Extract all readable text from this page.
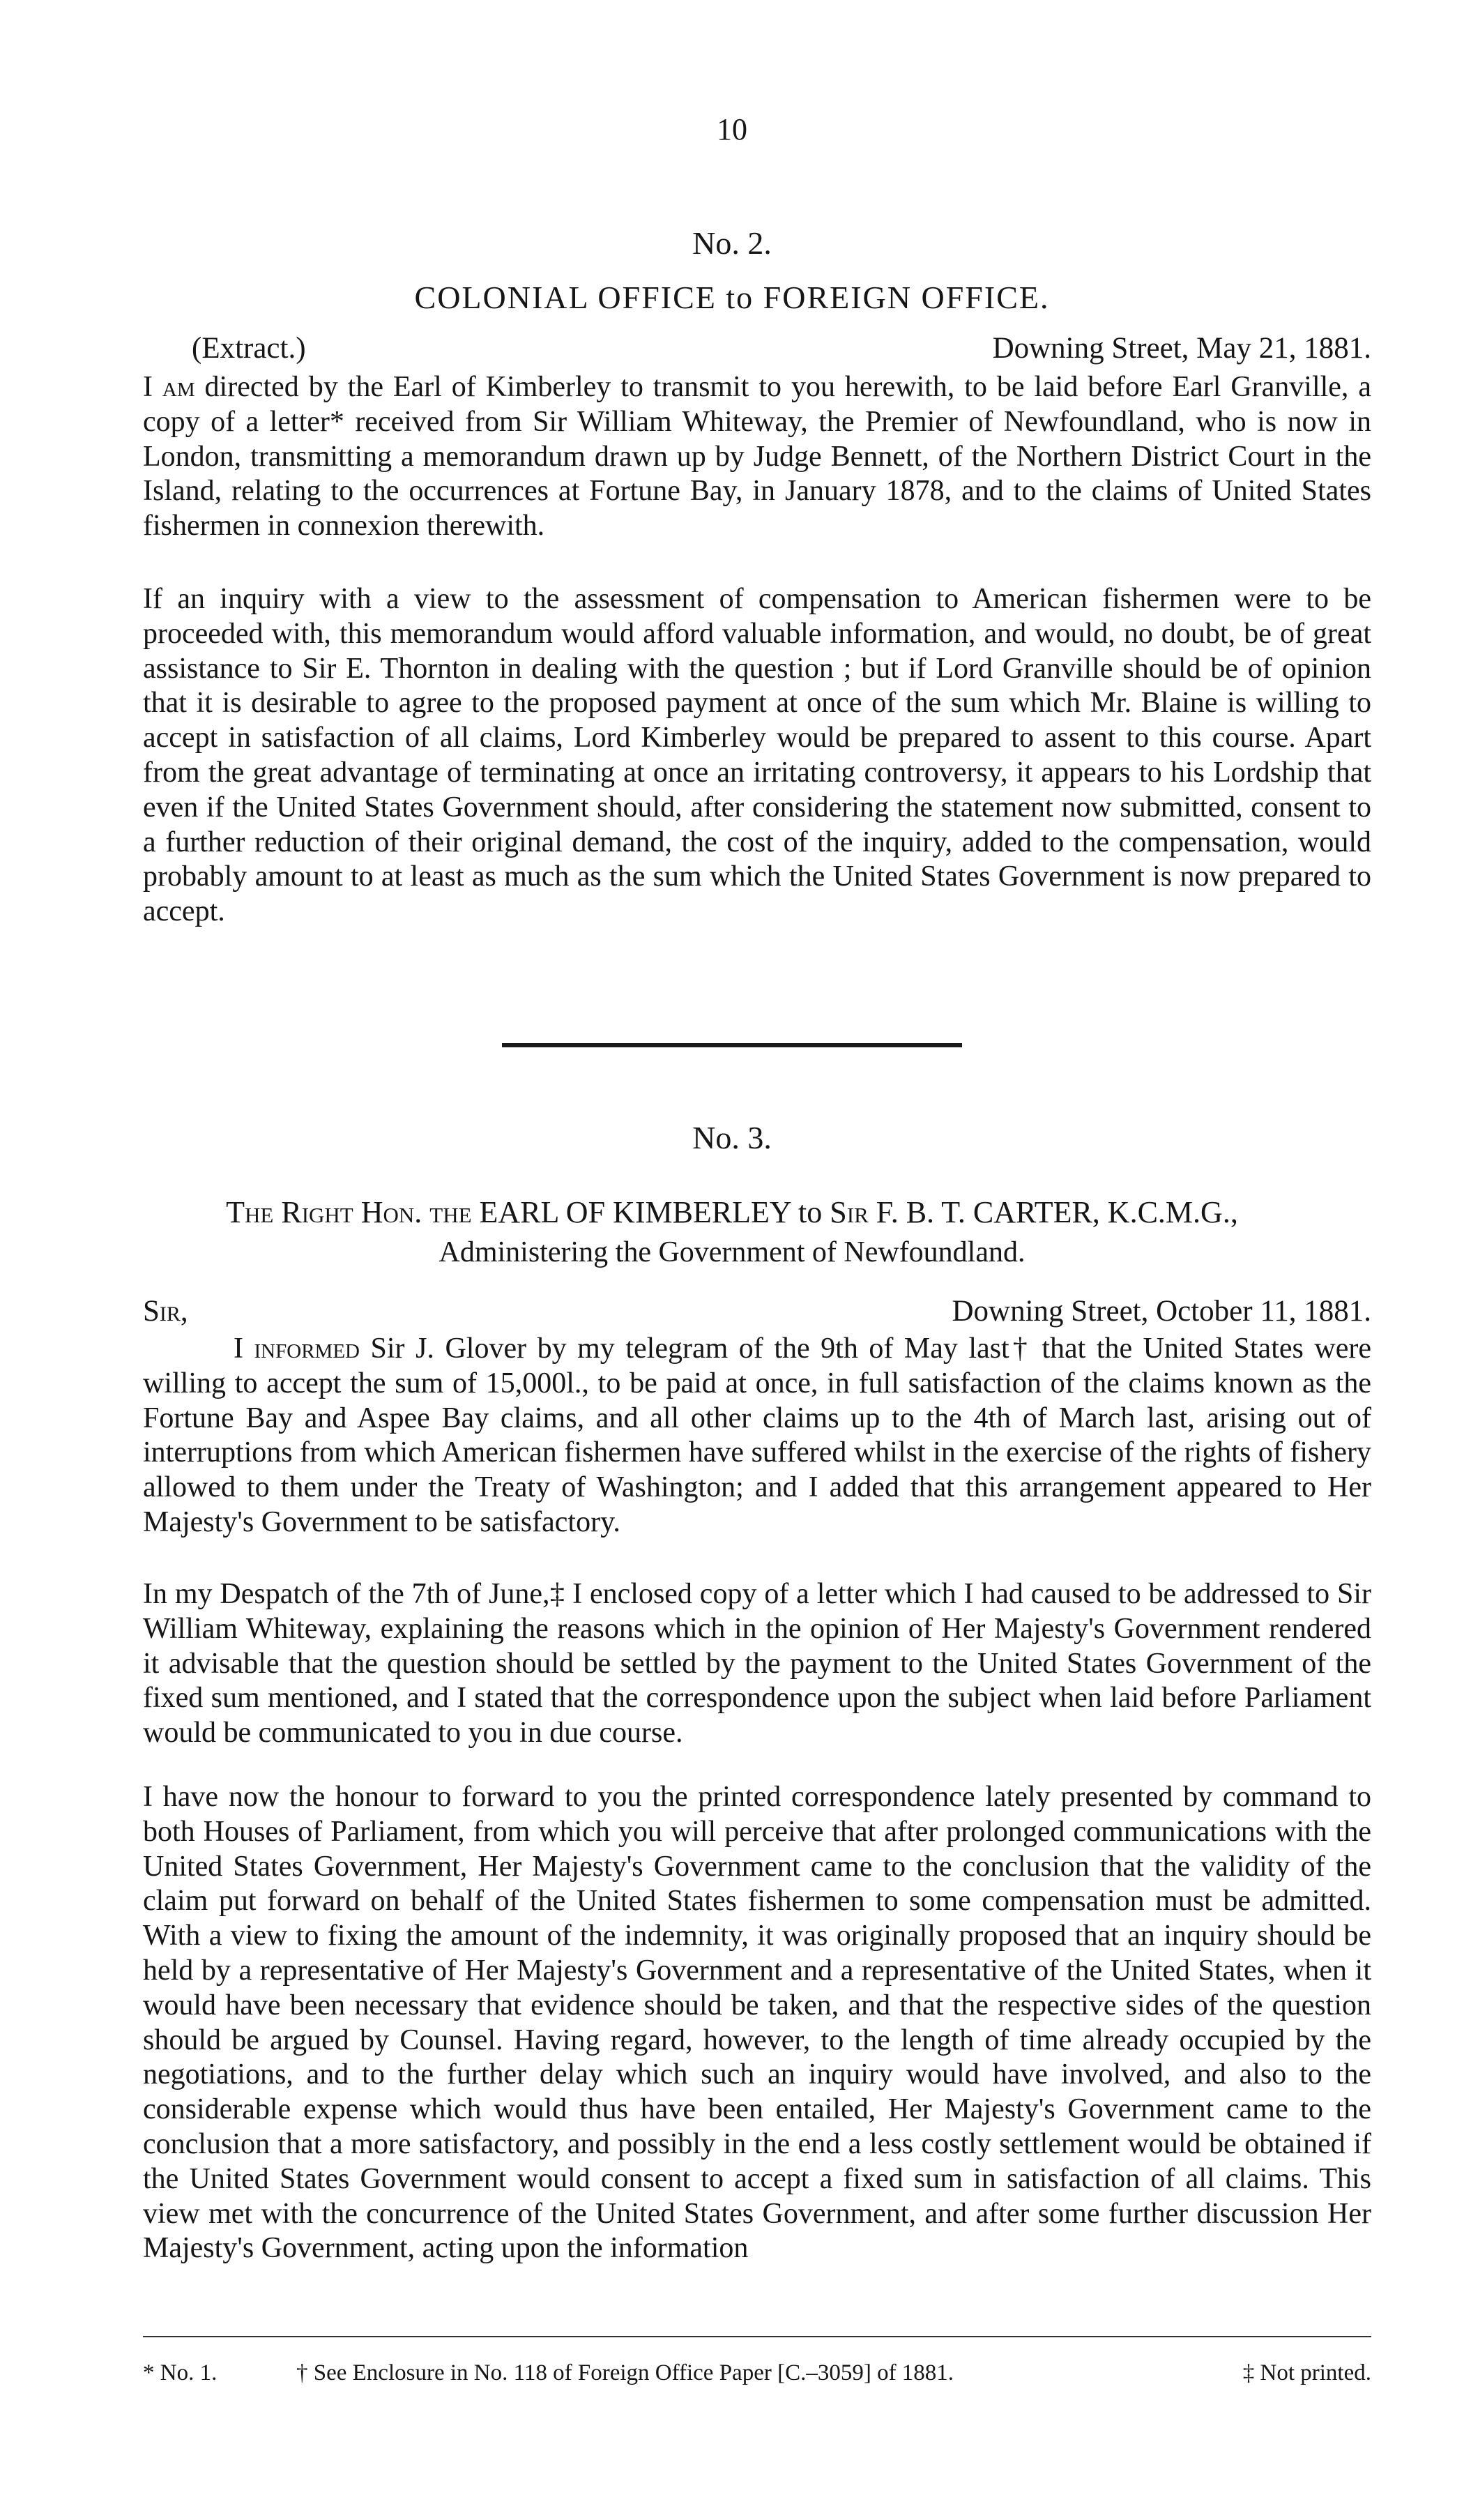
10
No. 2.
COLONIAL OFFICE to FOREIGN OFFICE.
(Extract.)	Downing Street, May 21, 1881.

I am directed by the Earl of Kimberley to transmit to you herewith, to be laid before Earl Granville, a copy of a letter* received from Sir William Whiteway, the Premier of Newfoundland, who is now in London, transmitting a memorandum drawn up by Judge Bennett, of the Northern District Court in the Island, relating to the occurrences at Fortune Bay, in January 1878, and to the claims of United States fishermen in connexion therewith.

If an inquiry with a view to the assessment of compensation to American fishermen were to be proceeded with, this memorandum would afford valuable information, and would, no doubt, be of great assistance to Sir E. Thornton in dealing with the question ; but if Lord Granville should be of opinion that it is desirable to agree to the proposed payment at once of the sum which Mr. Blaine is willing to accept in satisfaction of all claims, Lord Kimberley would be prepared to assent to this course. Apart from the great advantage of terminating at once an irritating controversy, it appears to his Lordship that even if the United States Government should, after considering the statement now submitted, consent to a further reduction of their original demand, the cost of the inquiry, added to the compensation, would probably amount to at least as much as the sum which the United States Government is now prepared to accept.

No. 3.
The Right Hon. the EARL OF KIMBERLEY to Sir F. B. T. CARTER, K.C.M.G.,
Administering the Government of Newfoundland.
Sir,	Downing Street, October 11, 1881.

I informed Sir J. Glover by my telegram of the 9th of May last† that the United States were willing to accept the sum of 15,000l., to be paid at once, in full satisfaction of the claims known as the Fortune Bay and Aspee Bay claims, and all other claims up to the 4th of March last, arising out of interruptions from which American fishermen have suffered whilst in the exercise of the rights of fishery allowed to them under the Treaty of Washington; and I added that this arrangement appeared to Her Majesty's Government to be satisfactory.

In my Despatch of the 7th of June,‡ I enclosed copy of a letter which I had caused to be addressed to Sir William Whiteway, explaining the reasons which in the opinion of Her Majesty's Government rendered it advisable that the question should be settled by the payment to the United States Government of the fixed sum mentioned, and I stated that the correspondence upon the subject when laid before Parliament would be communicated to you in due course.

I have now the honour to forward to you the printed correspondence lately presented by command to both Houses of Parliament, from which you will perceive that after prolonged communications with the United States Government, Her Majesty's Government came to the conclusion that the validity of the claim put forward on behalf of the United States fishermen to some compensation must be admitted. With a view to fixing the amount of the indemnity, it was originally proposed that an inquiry should be held by a representative of Her Majesty's Government and a representative of the United States, when it would have been necessary that evidence should be taken, and that the respective sides of the question should be argued by Counsel. Having regard, however, to the length of time already occupied by the negotiations, and to the further delay which such an inquiry would have involved, and also to the considerable expense which would thus have been entailed, Her Majesty's Government came to the conclusion that a more satisfactory, and possibly in the end a less costly settlement would be obtained if the United States Government would consent to accept a fixed sum in satisfaction of all claims. This view met with the concurrence of the United States Government, and after some further discussion Her Majesty's Government, acting upon the information

* No. 1.	† See Enclosure in No. 118 of Foreign Office Paper [C.–3059] of 1881.	‡ Not printed.
